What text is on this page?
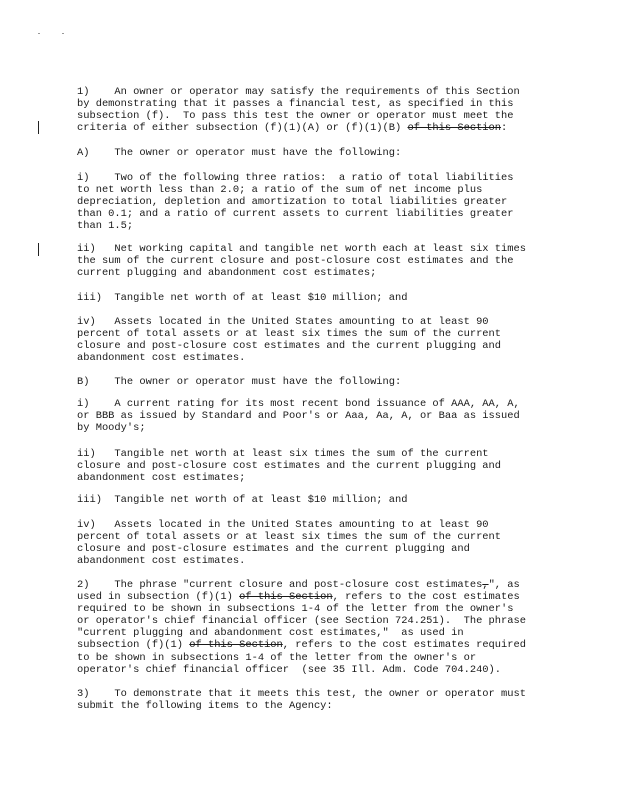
1)    An owner or operator may satisfy the requirements of this Section
by demonstrating that it passes a financial test, as specified in this
subsection (f).  To pass this test the owner or operator must meet the
criteria of either subsection (f)(1)(A) or (f)(1)(B) of this Section:
A)    The owner or operator must have the following:
i)    Two of the following three ratios:  a ratio of total liabilities
to net worth less than 2.0; a ratio of the sum of net income plus
depreciation, depletion and amortization to total liabilities greater
than 0.1; and a ratio of current assets to current liabilities greater
than 1.5;
ii)   Net working capital and tangible net worth each at least six times
the sum of the current closure and post-closure cost estimates and the
current plugging and abandonment cost estimates;
iii)  Tangible net worth of at least $10 million; and
iv)   Assets located in the United States amounting to at least 90
percent of total assets or at least six times the sum of the current
closure and post-closure cost estimates and the current plugging and
abandonment cost estimates.
B)    The owner or operator must have the following:
i)    A current rating for its most recent bond issuance of AAA, AA, A,
or BBB as issued by Standard and Poor's or Aaa, Aa, A, or Baa as issued
by Moody's;
ii)   Tangible net worth at least six times the sum of the current
closure and post-closure cost estimates and the current plugging and
abandonment cost estimates;
iii)  Tangible net worth of at least $10 million; and
iv)   Assets located in the United States amounting to at least 90
percent of total assets or at least six times the sum of the current
closure and post-closure estimates and the current plugging and
abandonment cost estimates.
2)    The phrase "current closure and post-closure cost estimates,", as
used in subsection (f)(1) of this Section, refers to the cost estimates
required to be shown in subsections 1-4 of the letter from the owner's
or operator's chief financial officer (see Section 724.251).  The phrase
"current plugging and abandonment cost estimates,"  as used in
subsection (f)(1) of this Section, refers to the cost estimates required
to be shown in subsections 1-4 of the letter from the owner's or
operator's chief financial officer  (see 35 Ill. Adm. Code 704.240).
3)    To demonstrate that it meets this test, the owner or operator must
submit the following items to the Agency:
